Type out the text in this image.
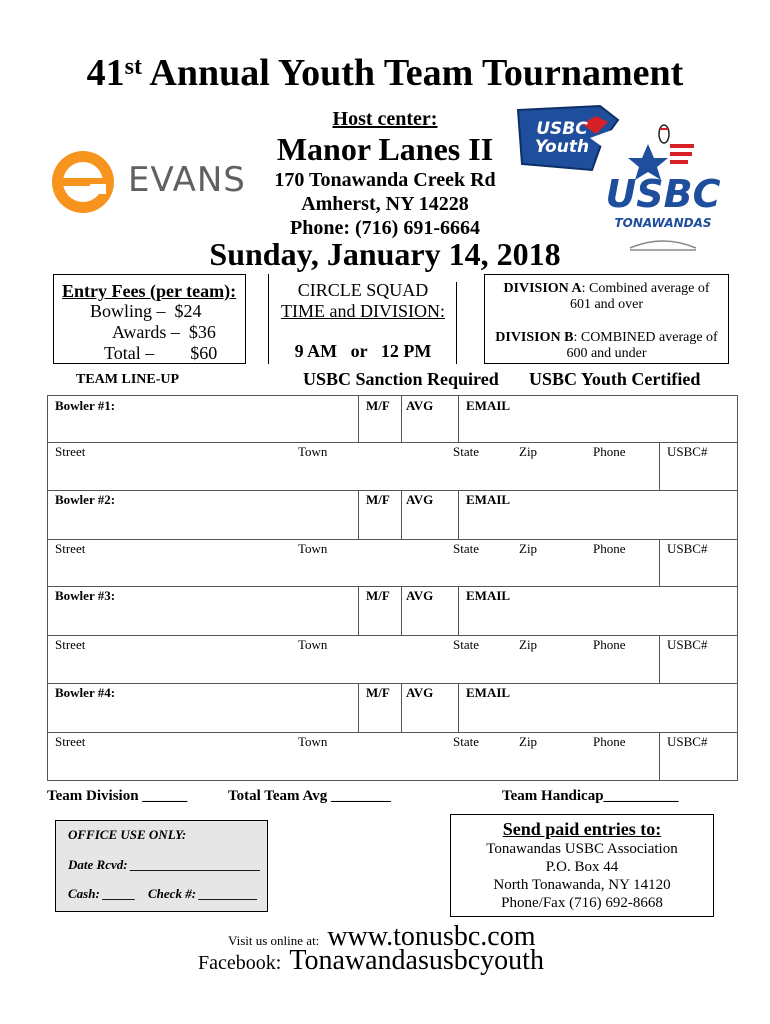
41st Annual Youth Team Tournament
Host center:
Manor Lanes II
170 Tonawanda Creek Rd
Amherst, NY 14228
Phone: (716) 691-6664
EVANS
USBC Youth
USBC
TONAWANDAS
Sunday, January 14, 2018
Entry Fees (per team):
Bowling –  $24
Awards –  $36
Total –        $60
CIRCLE SQUAD
TIME and DIVISION:
9 AM   or   12 PM
DIVISION A: Combined average of
601 and over
DIVISION B: COMBINED average of
600 and under
TEAM LINE-UP	USBC Sanction Required USBC Youth Certified
Bowler #1:	M/F AVG	EMAIL
Street	Town	State	Zip	Phone	USBC#
Bowler #2:	M/F AVG	EMAIL
Street	Town	State	Zip	Phone	USBC#
Bowler #3:	M/F AVG	EMAIL
Street	Town	State	Zip	Phone	USBC#
Bowler #4:	M/F AVG	EMAIL
Street	Town	State	Zip	Phone	USBC#
Team Division ______	Total Team Avg ________	Team Handicap__________
OFFICE USE ONLY:
Date Rcvd: ____________________
Cash: _____ Check #: _________
Send paid entries to:
Tonawandas USBC Association
P.O. Box 44
North Tonawanda, NY 14120
Phone/Fax (716) 692-8668
Visit us online at: www.tonusbc.com
Facebook: Tonawandasusbcyouth
